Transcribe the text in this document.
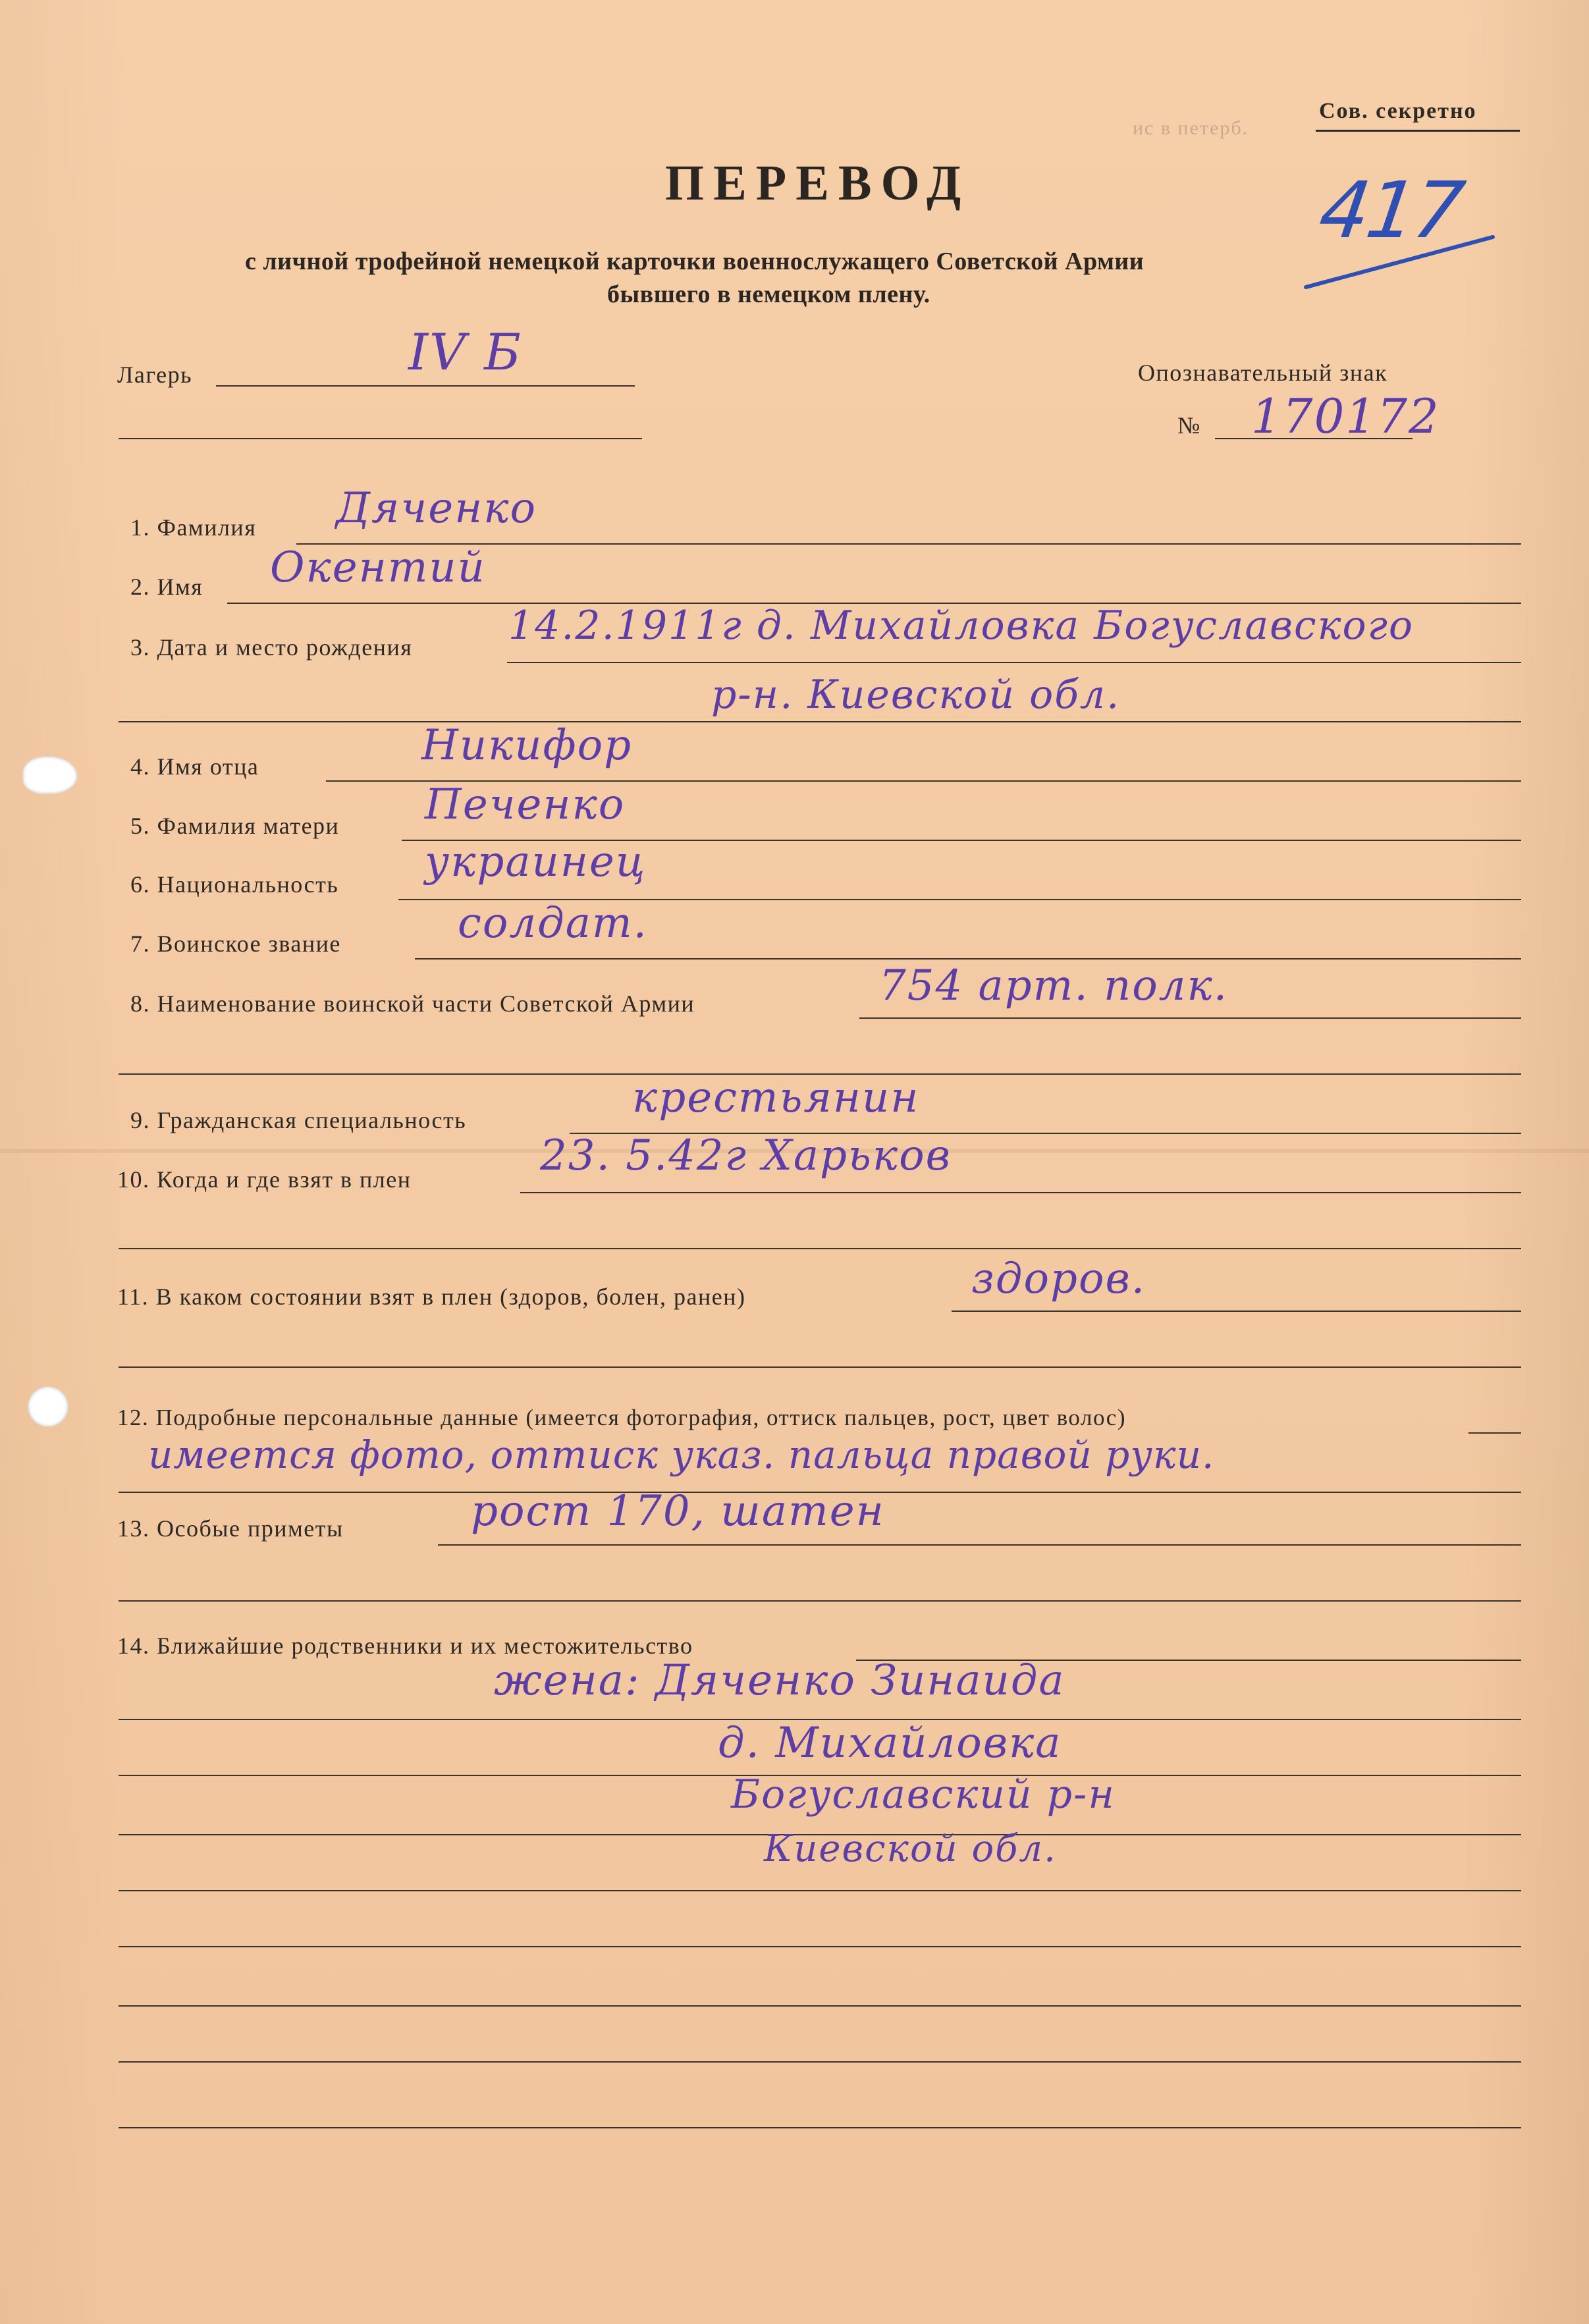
ис в петерб.
Сов. секретно
417
ПЕРЕВОД
с личной трофейной немецкой карточки военнослужащего Советской Армии
бывшего в немецком плену.
Лагерь	IV Б	Опознавательный знак
№ 170172
1. Фамилия Дяченко
2. Имя Окентий
3. Дата и место рождения 14.2.1911г д. Михайловка Богуславского
р-н. Киевской обл.
4. Имя отца	Никифор
5. Фамилия матери Печенко
6. Национальность украинец
7. Воинское звание	солдат.
8. Наименование воинской части Советской Армии	754 арт. полк.
9. Гражданская специальность	крестьянин
10. Когда и где взят в плен	23. 5.42г Харьков
11. В каком состоянии взят в плен (здоров, болен, ранен)	здоров.
12. Подробные персональные данные (имеется фотография, оттиск пальцев, рост, цвет волос)
имеется фото, оттиск указ. пальца правой руки.
13. Особые приметы	рост 170, шатен
14. Ближайшие родственники и их местожительство
жена: Дяченко Зинаида
д. Михайловка
Богуславский р-н
Киевской обл.
